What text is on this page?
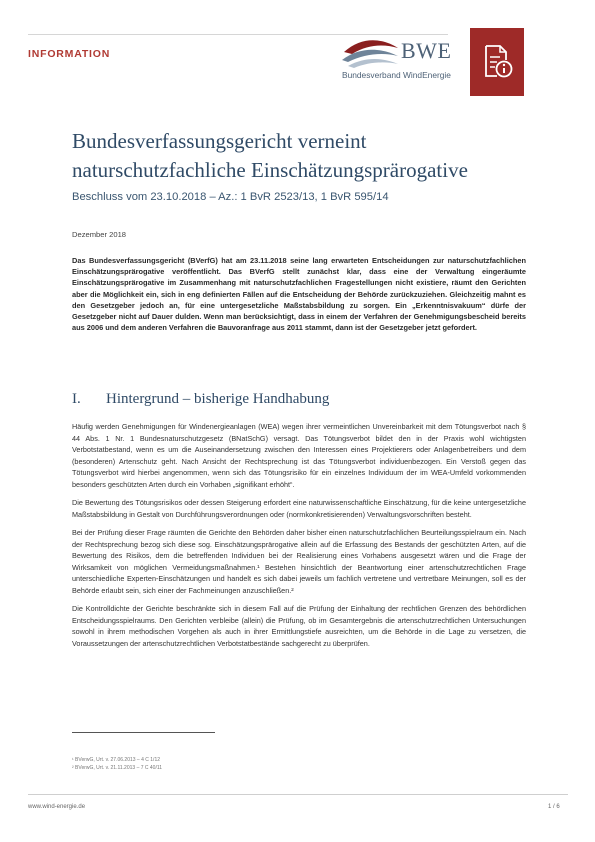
INFORMATION	BWE
Bundesverband WindEnergie
Bundesverfassungsgericht verneint
naturschutzfachliche Einschätzungsprärogative
Beschluss vom 23.10.2018 – Az.: 1 BvR 2523/13, 1 BvR 595/14
Dezember 2018
Das Bundesverfassungsgericht (BVerfG) hat am 23.11.2018 seine lang erwarteten Entscheidungen zur naturschutzfachlichen Einschätzungsprärogative veröffentlicht. Das BVerfG stellt zunächst klar, dass eine der Verwaltung eingeräumte Einschätzungsprärogative im Zusammenhang mit naturschutzfachlichen Fragestellungen nicht existiere, räumt den Gerichten aber die Möglichkeit ein, sich in eng definierten Fällen auf die Entscheidung der Behörde zurückzuziehen. Gleichzeitig mahnt es den Gesetzgeber jedoch an, für eine untergesetzliche Maßstabsbildung zu sorgen. Ein „Erkenntnisvakuum“ dürfe der Gesetzgeber nicht auf Dauer dulden. Wenn man berücksichtigt, dass in einem der Verfahren der Genehmigungsbescheid bereits aus 2006 und dem anderen Verfahren die Bauvoranfrage aus 2011 stammt, dann ist der Gesetzgeber jetzt gefordert.
I. Hintergrund – bisherige Handhabung

Häufig werden Genehmigungen für Windenergieanlagen (WEA) wegen ihrer vermeintlichen Unvereinbarkeit mit dem Tötungsverbot nach § 44 Abs. 1 Nr. 1 Bundesnaturschutzgesetz (BNatSchG) versagt. Das Tötungsverbot bildet den in der Praxis wohl wichtigsten Verbotstatbestand, wenn es um die Auseinandersetzung zwischen den Interessen eines Projektierers oder Anlagenbetreibers und dem (besonderen) Artenschutz geht. Nach Ansicht der Rechtsprechung ist das Tötungsverbot individuenbezogen. Ein Verstoß gegen das Tötungsverbot wird hierbei angenommen, wenn sich das Tötungsrisiko für ein einzelnes Individuum der im WEA-Umfeld vorkommenden besonders geschützten Arten durch ein Vorhaben „signifikant erhöht“.

Die Bewertung des Tötungsrisikos oder dessen Steigerung erfordert eine naturwissenschaftliche Einschätzung, für die keine untergesetzliche Maßstabsbildung in Gestalt von Durchführungsverordnungen oder (normkonkretisierenden) Verwaltungsvorschriften besteht.

Bei der Prüfung dieser Frage räumten die Gerichte den Behörden daher bisher einen naturschutzfachlichen Beurteilungsspielraum ein. Nach der Rechtsprechung bezog sich diese sog. Einschätzungsprärogative allein auf die Erfassung des Bestands der geschützten Arten, auf die Bewertung des Risikos, dem die betreffenden Individuen bei der Realisierung eines Vorhabens ausgesetzt wären und die Frage der Wirksamkeit von möglichen Vermeidungsmaßnahmen.¹ Bestehen hinsichtlich der Beantwortung einer artenschutzrechtlichen Frage unterschiedliche Experten-Einschätzungen und handelt es sich dabei jeweils um fachlich vertretene und vertretbare Meinungen, soll es der Behörde erlaubt sein, sich einer der Fachmeinungen anzuschließen.²

Die Kontrolldichte der Gerichte beschränkte sich in diesem Fall auf die Prüfung der Einhaltung der rechtlichen Grenzen des behördlichen Entscheidungsspielraums. Den Gerichten verbleibe (allein) die Prüfung, ob im Gesamtergebnis die artenschutzrechtlichen Untersuchungen sowohl in ihrem methodischen Vorgehen als auch in ihrer Ermittlungstiefe ausreichten, um die Behörde in die Lage zu versetzen, die Voraussetzungen der artenschutzrechtlichen Verbotstatbestände sachgerecht zu überprüfen.

¹ BVerwG, Urt. v. 27.06.2013 – 4 C 1/12
² BVerwG, Urt. v. 21.11.2013 – 7 C 40/11
www.wind-energie.de	1 / 6
